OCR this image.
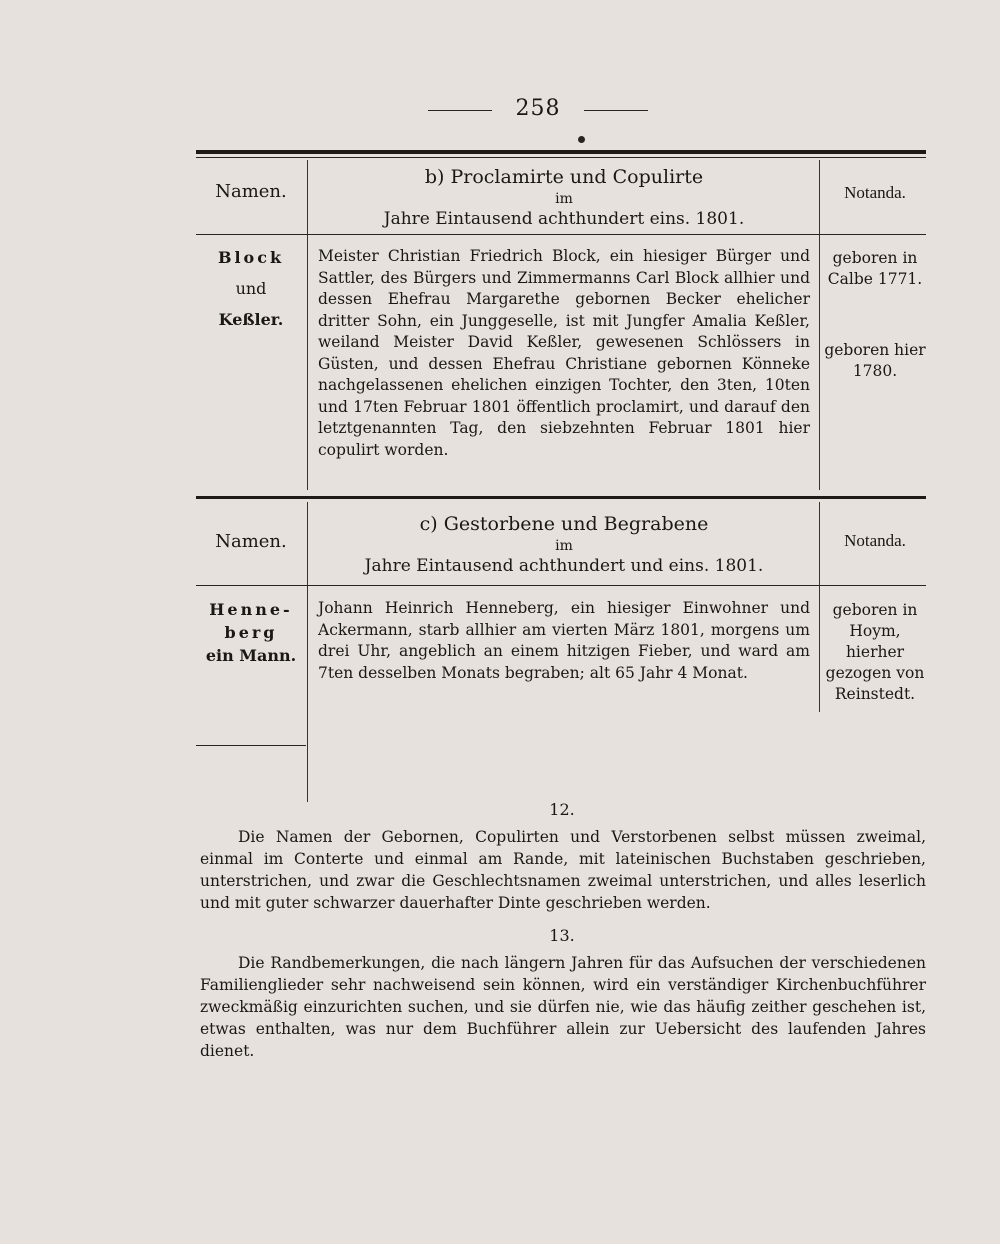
258
Namen.
b) Proclamirte und Copulirte
im
Jahre Eintausend achthundert eins. 1801.
Notanda.
Block
und
Keßler.
Meister Christian Friedrich Block, ein hiesiger Bürger und Sattler, des Bürgers und Zimmermanns Carl Block allhier und dessen Ehefrau Margarethe gebornen Becker ehelicher dritter Sohn, ein Junggeselle, ist mit Jungfer Amalia Keßler, weiland Meister David Keßler, gewesenen Schlössers in Güsten, und dessen Ehefrau Christiane gebornen Könneke nachgelassenen ehelichen einzigen Tochter, den 3ten, 10ten und 17ten Februar 1801 öffentlich proclamirt, und darauf den letztgenannten Tag, den siebzehnten Februar 1801 hier copulirt worden.
geboren in Calbe 1771.
geboren hier 1780.
Namen.
c) Gestorbene und Begrabene
im
Jahre Eintausend achthundert und eins. 1801.
Notanda.
Henne-
berg
ein Mann.
Johann Heinrich Henneberg, ein hiesiger Einwohner und Ackermann, starb allhier am vierten März 1801, morgens um drei Uhr, angeblich an einem hitzigen Fieber, und ward am 7ten desselben Monats begraben; alt 65 Jahr 4 Monat.
geboren in Hoym, hierher gezogen von Reinstedt.
12.
Die Namen der Gebornen, Copulirten und Verstorbenen selbst müssen zweimal, einmal im Conterte und einmal am Rande, mit lateinischen Buchstaben geschrieben, unterstrichen, und zwar die Geschlechtsnamen zweimal unterstrichen, und alles leserlich und mit guter schwarzer dauerhafter Dinte geschrieben werden.
13.
Die Randbemerkungen, die nach längern Jahren für das Aufsuchen der verschiedenen Familienglieder sehr nachweisend sein können, wird ein verständiger Kirchenbuchführer zweckmäßig einzurichten suchen, und sie dürfen nie, wie das häufig zeither geschehen ist, etwas enthalten, was nur dem Buchführer allein zur Uebersicht des laufenden Jahres dienet.
